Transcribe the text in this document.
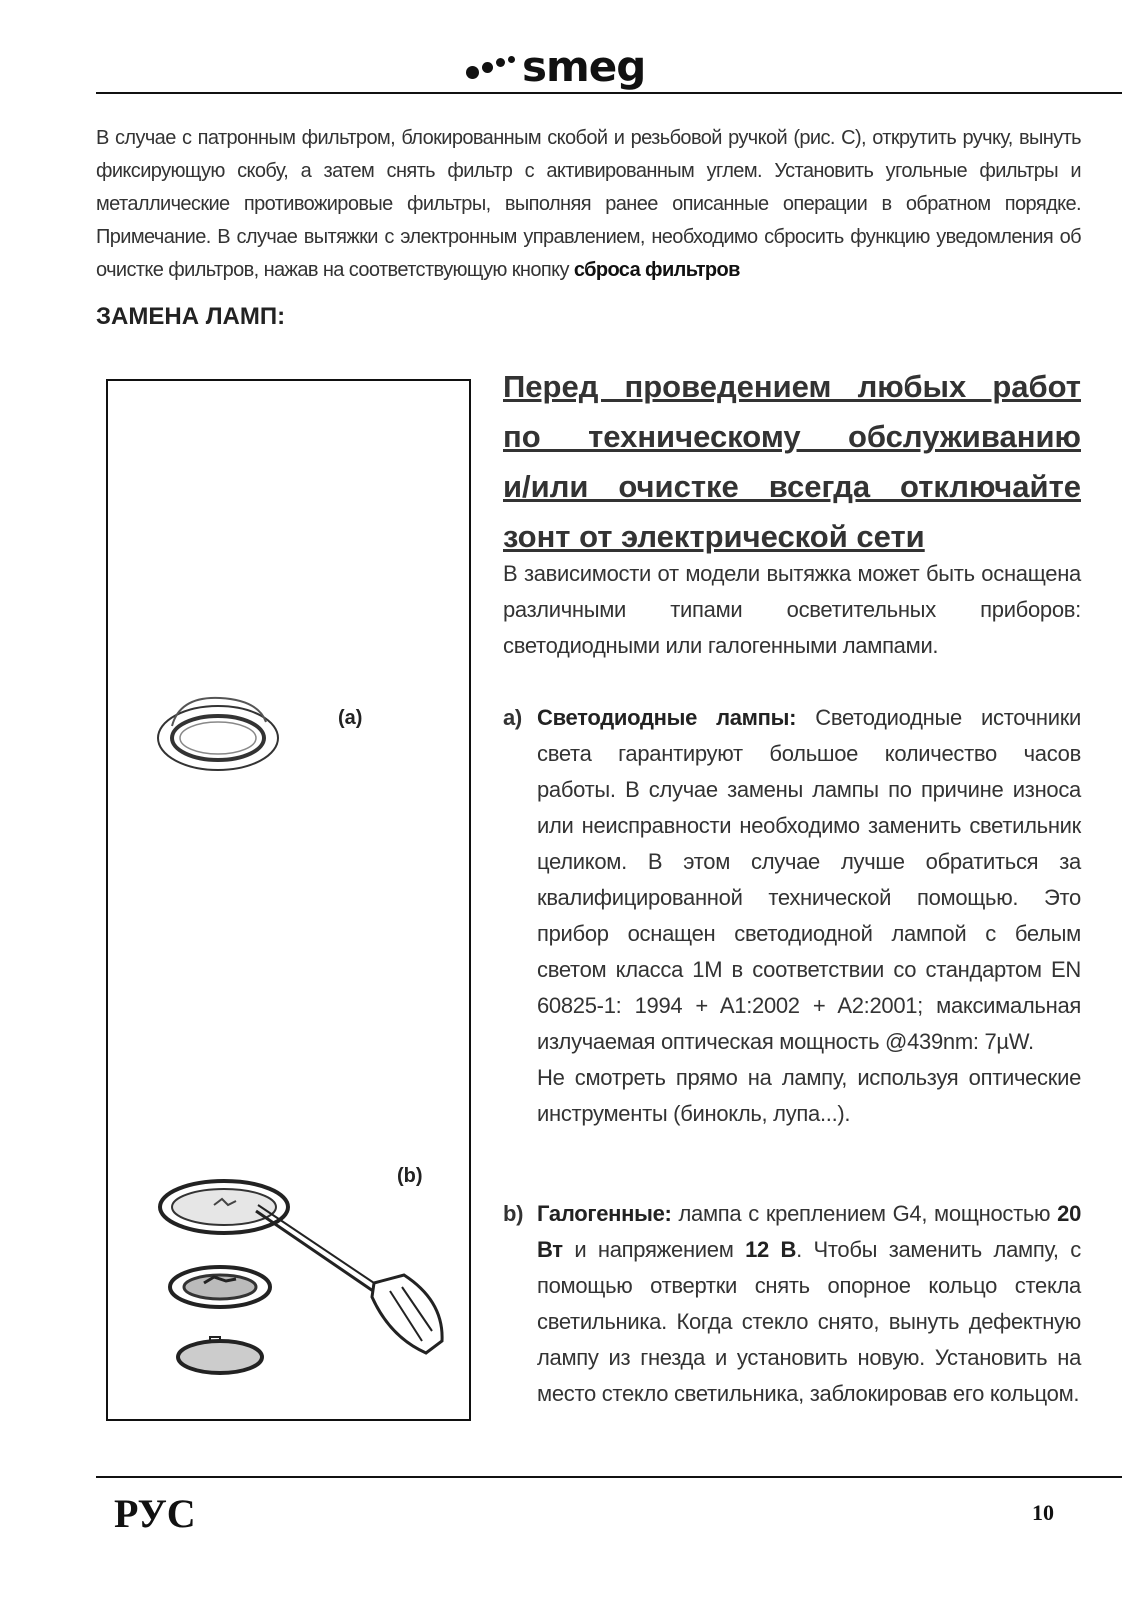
smeg
В случае с патронным фильтром, блокированным скобой и резьбовой ручкой (рис. С), открутить ручку, вынуть фиксирующую скобу, а затем снять фильтр с активированным углем. Установить угольные фильтры и металлические противожировые фильтры, выполняя ранее описанные операции в обратном порядке. Примечание. В случае вытяжки с электронным управлением, необходимо сбросить функцию уведомления об очистке фильтров, нажав на соответствующую кнопку сброса фильтров
ЗАМЕНА ЛАМП:
(a)
(b)
Перед проведением любых работ
по техническому обслуживанию
и/или очистке всегда отключайте
зонт от электрической сети
В зависимости от модели вытяжка может быть оснащена различными типами осветительных приборов: светодиодными или галогенными лампами.
a) Светодиодные лампы: Светодиодные источники света гарантируют большое количество часов работы. В случае замены лампы по причине износа или неисправности необходимо заменить светильник целиком. В этом случае лучше обратиться за квалифицированной технической помощью. Это прибор оснащен светодиодной лампой с белым светом класса 1M в соответствии со стандартом EN 60825-1: 1994 + A1:2002 + A2:2001; максимальная излучаемая оптическая мощность @439nm: 7µW.
Не смотреть прямо на лампу, используя оптические инструменты (бинокль, лупа...).
b) Галогенные: лампа с креплением G4, мощностью 20 Вт и напряжением 12 В. Чтобы заменить лампу, с помощью отвертки снять опорное кольцо стекла светильника. Когда стекло снято, вынуть дефектную лампу из гнезда и установить новую. Установить на место стекло светильника, заблокировав его кольцом.
РУС	10
